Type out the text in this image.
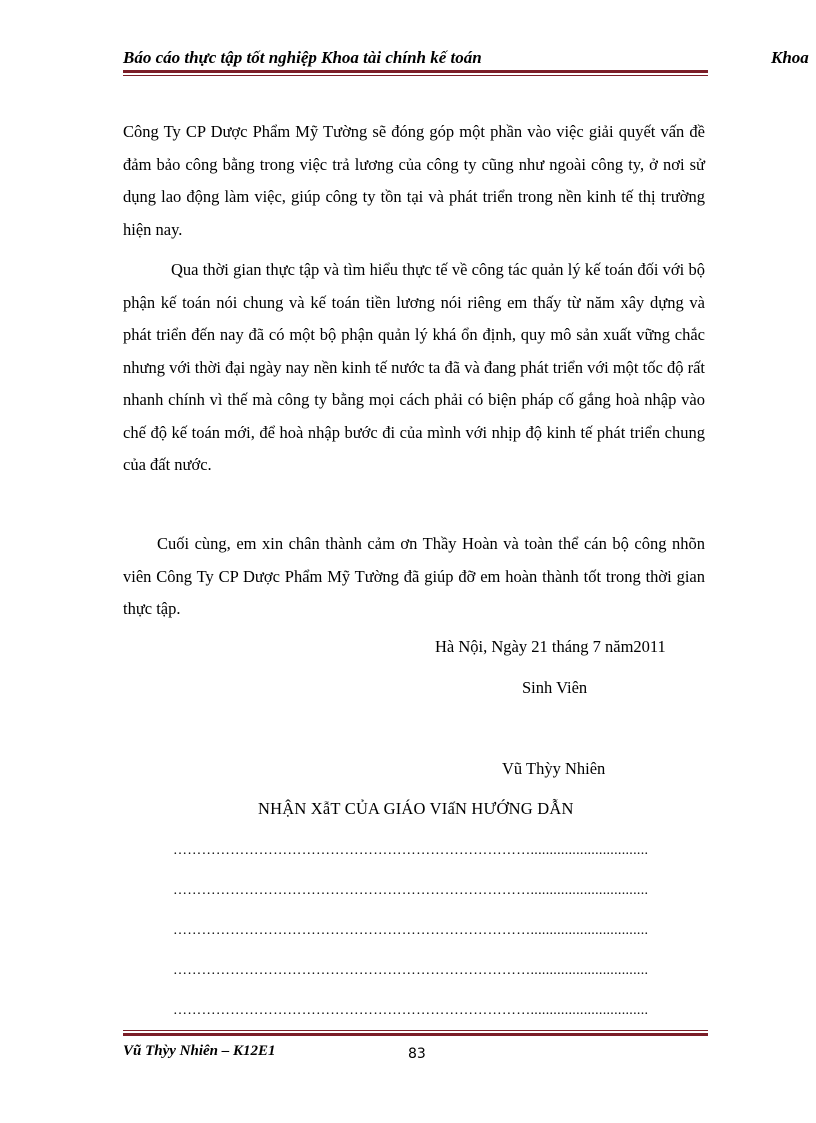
Báo cáo thực tập tốt nghiệp Khoa tài chính kế toán	Khoa
Công Ty CP Dược Phẩm Mỹ Tường sẽ đóng góp một phần vào việc giải quyết vấn đề đảm bảo công bằng trong việc trả lương của công ty cũng như ngoài công ty, ở nơi sử dụng lao động làm việc, giúp công ty tồn tại và phát triển trong nền kinh tế thị trường hiện nay.
Qua thời gian thực tập và tìm hiểu thực tế về công tác quản lý kế toán đối với bộ phận kế toán nói chung và kế toán tiền lương nói riêng em thấy từ năm xây dựng và phát triển đến nay đã có một bộ phận quản lý khá ổn định, quy mô sản xuất vững chắc nhưng với thời đại ngày nay nền kinh tế nước ta đã và đang phát triển với một tốc độ rất nhanh chính vì thế mà công ty bằng mọi cách phải có biện pháp cố gắng hoà nhập vào chế độ kế toán mới, để hoà nhập bước đi của mình với nhịp độ kinh tế phát triển chung của đất nước.
Cuối cùng, em xin chân thành cảm ơn Thầy Hoàn và toàn thể cán bộ công nhõn viên Công Ty CP Dược Phẩm Mỹ Tường đã giúp đỡ em hoàn thành tốt trong thời gian thực tập.
Hà Nội, Ngày 21 tháng 7 năm2011
Sinh Viên
Vũ Thỳy Nhiên
NHẬN XẫT CỦA GIÁO VIấN HƯỚNG DẪN
…………………………………………………………………...............................
…………………………………………………………………...............................
…………………………………………………………………...............................
…………………………………………………………………...............................
…………………………………………………………………...............................
Vũ Thỳy Nhiên – K12E1	83
